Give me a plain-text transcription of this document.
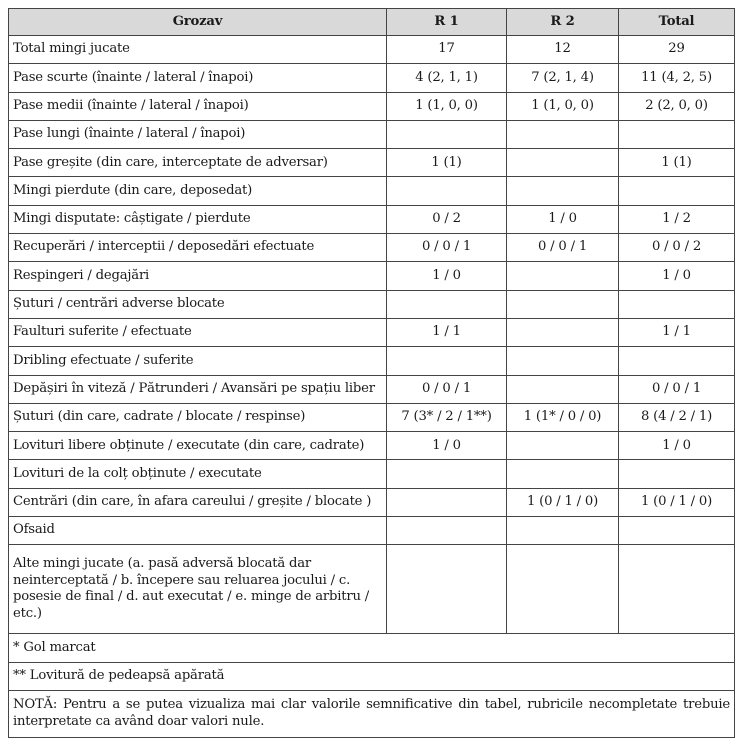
Grozav	R 1	R 2	Total
Total mingi jucate	17	12	29
Pase scurte (înainte / lateral / înapoi)	4 (2, 1, 1)	7 (2, 1, 4)	11 (4, 2, 5)
Pase medii (înainte / lateral / înapoi)	1 (1, 0, 0)	1 (1, 0, 0)	2 (2, 0, 0)
Pase lungi (înainte / lateral / înapoi)			
Pase greșite (din care, interceptate de adversar)	1 (1)		1 (1)
Mingi pierdute (din care, deposedat)			
Mingi disputate: câștigate / pierdute	0 / 2	1 / 0	1 / 2
Recuperări / interceptii / deposedări efectuate	0 / 0 / 1	0 / 0 / 1	0 / 0 / 2
Respingeri / degajări	1 / 0		1 / 0
Șuturi / centrări adverse blocate			
Faulturi suferite / efectuate	1 / 1		1 / 1
Dribling efectuate / suferite			
Depășiri în viteză / Pătrunderi / Avansări pe spațiu liber	0 / 0 / 1		0 / 0 / 1
Șuturi (din care, cadrate / blocate / respinse)	7 (3* / 2 / 1**)	1 (1* / 0 / 0)	8 (4 / 2 / 1)
Lovituri libere obținute / executate (din care, cadrate)	1 / 0		1 / 0
Lovituri de la colț obținute / executate			
Centrări (din care, în afara careului / greșite / blocate )		1 (0 / 1 / 0)	1 (0 / 1 / 0)
Ofsaid			
Alte mingi jucate (a. pasă adversă blocată dar neinterceptată / b. începere sau reluarea jocului / c. posesie de final / d. aut executat / e. minge de arbitru / etc.)			
* Gol marcat			
** Lovitură de pedeapsă apărată			
NOTĂ: Pentru a se putea vizualiza mai clar valorile semnificative din tabel, rubricile necompletate trebuie interpretate ca având doar valori nule.			
